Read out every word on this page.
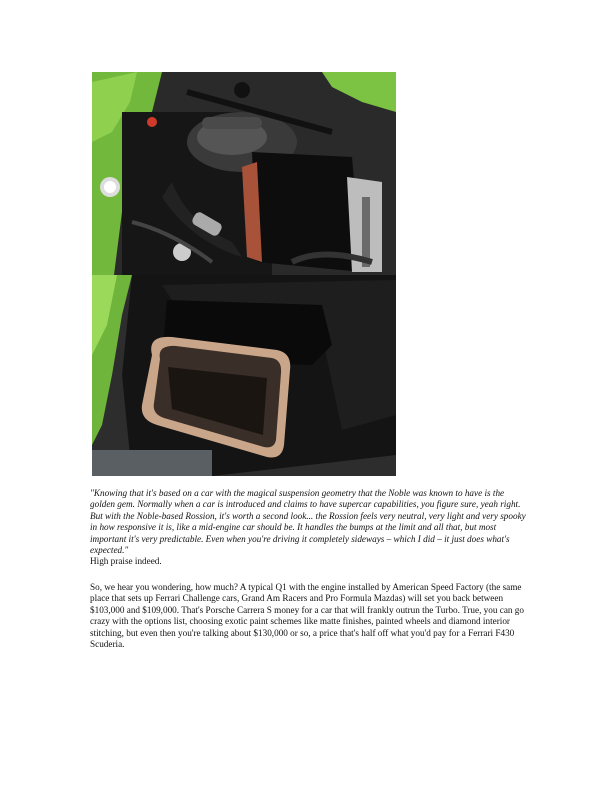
"Knowing that it's based on a car with the magical suspension geometry that the Noble was known to have is the golden gem. Normally when a car is introduced and claims to have supercar capabilities, you figure sure, yeah right. But with the Noble-based Rossion, it's worth a second look... the Rossion feels very neutral, very light and very spooky in how responsive it is, like a mid-engine car should be. It handles the bumps at the limit and all that, but most important it's very predictable. Even when you're driving it completely sideways – which I did – it just does what's expected."

High praise indeed.

So, we hear you wondering, how much? A typical Q1 with the engine installed by American Speed Factory (the same place that sets up Ferrari Challenge cars, Grand Am Racers and Pro Formula Mazdas) will set you back between $103,000 and $109,000. That's Porsche Carrera S money for a car that will frankly outrun the Turbo. True, you can go crazy with the options list, choosing exotic paint schemes like matte finishes, painted wheels and diamond interior stitching, but even then you're talking about $130,000 or so, a price that's half off what you'd pay for a Ferrari F430 Scuderia.
